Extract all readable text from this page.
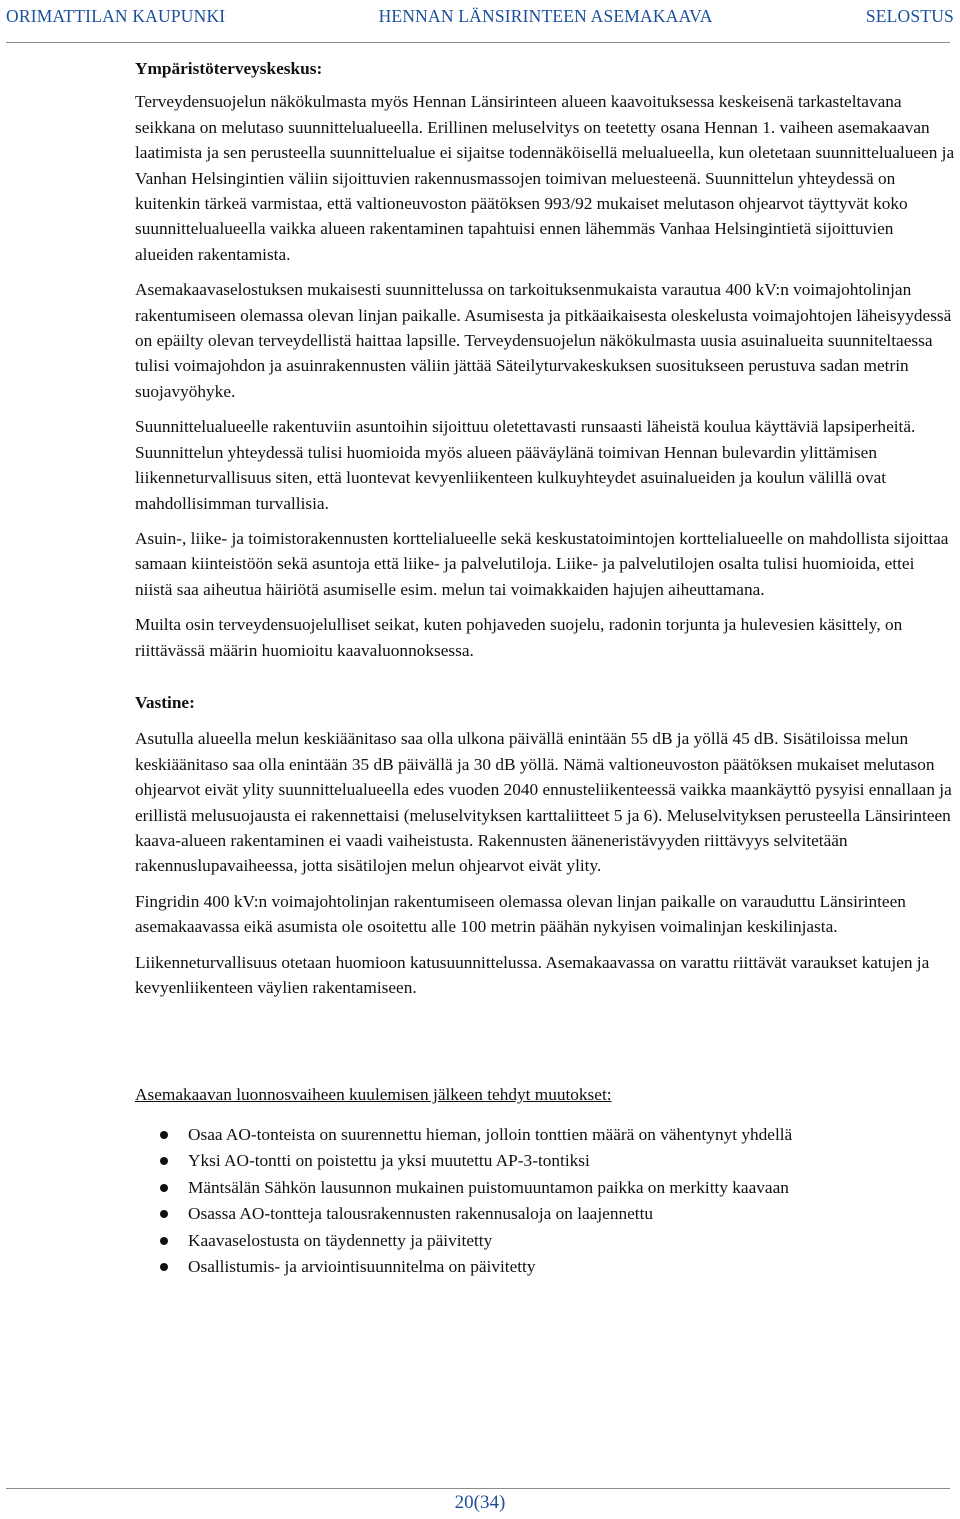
ORIMATTILAN KAUPUNKI	HENNAN LÄNSIRINTEEN ASEMAKAAVA	SELOSTUS
Ympäristöterveyskeskus:

Terveydensuojelun näkökulmasta myös Hennan Länsirinteen alueen kaavoituksessa keskeisenä tarkasteltavana seikkana on melutaso suunnittelualueella. Erillinen meluselvitys on teetetty osana Hennan 1. vaiheen asemakaavan laatimista ja sen perusteella suunnittelualue ei sijaitse todennäköisellä melualueella, kun oletetaan suunnittelualueen ja Vanhan Helsingintien väliin sijoittuvien rakennusmassojen toimivan meluesteenä. Suunnittelun yhteydessä on kuitenkin tärkeä varmistaa, että valtioneuvoston päätöksen 993/92 mukaiset melutason ohjearvot täyttyvät koko suunnittelualueella vaikka alueen rakentaminen tapahtuisi ennen lähemmäs Vanhaa Helsingintietä sijoittuvien alueiden rakentamista.

Asemakaavaselostuksen mukaisesti suunnittelussa on tarkoituksenmukaista varautua 400 kV:n voimajohtolinjan rakentumiseen olemassa olevan linjan paikalle. Asumisesta ja pitkäaikaisesta oleskelusta voimajohtojen läheisyydessä on epäilty olevan terveydellistä haittaa lapsille. Terveydensuojelun näkökulmasta uusia asuinalueita suunniteltaessa tulisi voimajohdon ja asuinrakennusten väliin jättää Säteilyturvakeskuksen suositukseen perustuva sadan metrin suojavyöhyke.

Suunnittelualueelle rakentuviin asuntoihin sijoittuu oletettavasti runsaasti läheistä koulua käyttäviä lapsiperheitä. Suunnittelun yhteydessä tulisi huomioida myös alueen pääväylänä toimivan Hennan bulevardin ylittämisen liikenneturvallisuus siten, että luontevat kevyenliikenteen kulkuyhteydet asuinalueiden ja koulun välillä ovat mahdollisimman turvallisia.

Asuin-, liike- ja toimistorakennusten korttelialueelle sekä keskustatoimintojen korttelialueelle on mahdollista sijoittaa samaan kiinteistöön sekä asuntoja että liike- ja palvelutiloja. Liike- ja palvelutilojen osalta tulisi huomioida, ettei niistä saa aiheutua häiriötä asumiselle esim. melun tai voimakkaiden hajujen aiheuttamana.

Muilta osin terveydensuojelulliset seikat, kuten pohjaveden suojelu, radonin torjunta ja hulevesien käsittely, on riittävässä määrin huomioitu kaavaluonnoksessa.

Vastine:

Asutulla alueella melun keskiäänitaso saa olla ulkona päivällä enintään 55 dB ja yöllä 45 dB. Sisätiloissa melun keskiäänitaso saa olla enintään 35 dB päivällä ja 30 dB yöllä. Nämä valtioneuvoston päätöksen mukaiset melutason ohjearvot eivät ylity suunnittelualueella edes vuoden 2040 ennusteliikenteessä vaikka maankäyttö pysyisi ennallaan ja erillistä melusuojausta ei rakennettaisi (meluselvityksen karttaliitteet 5 ja 6). Meluselvityksen perusteella Länsirinteen kaava-alueen rakentaminen ei vaadi vaiheistusta. Rakennusten ääneneristävyyden riittävyys selvitetään rakennuslupavaiheessa, jotta sisätilojen melun ohjearvot eivät ylity.

Fingridin 400 kV:n voimajohtolinjan rakentumiseen olemassa olevan linjan paikalle on varauduttu Länsirinteen asemakaavassa eikä asumista ole osoitettu alle 100 metrin päähän nykyisen voimalinjan keskilinjasta.

Liikenneturvallisuus otetaan huomioon katusuunnittelussa. Asemakaavassa on varattu riittävät varaukset katujen ja kevyenliikenteen väylien rakentamiseen.

Asemakaavan luonnosvaiheen kuulemisen jälkeen tehdyt muutokset:
Osaa AO-tonteista on suurennettu hieman, jolloin tonttien määrä on vähentynyt yhdellä
Yksi AO-tontti on poistettu ja yksi muutettu AP-3-tontiksi
Mäntsälän Sähkön lausunnon mukainen puistomuuntamon paikka on merkitty kaavaan
Osassa AO-tontteja talousrakennusten rakennusaloja on laajennettu
Kaavaselostusta on täydennetty ja päivitetty
Osallistumis- ja arviointisuunnitelma on päivitetty
20(34)
